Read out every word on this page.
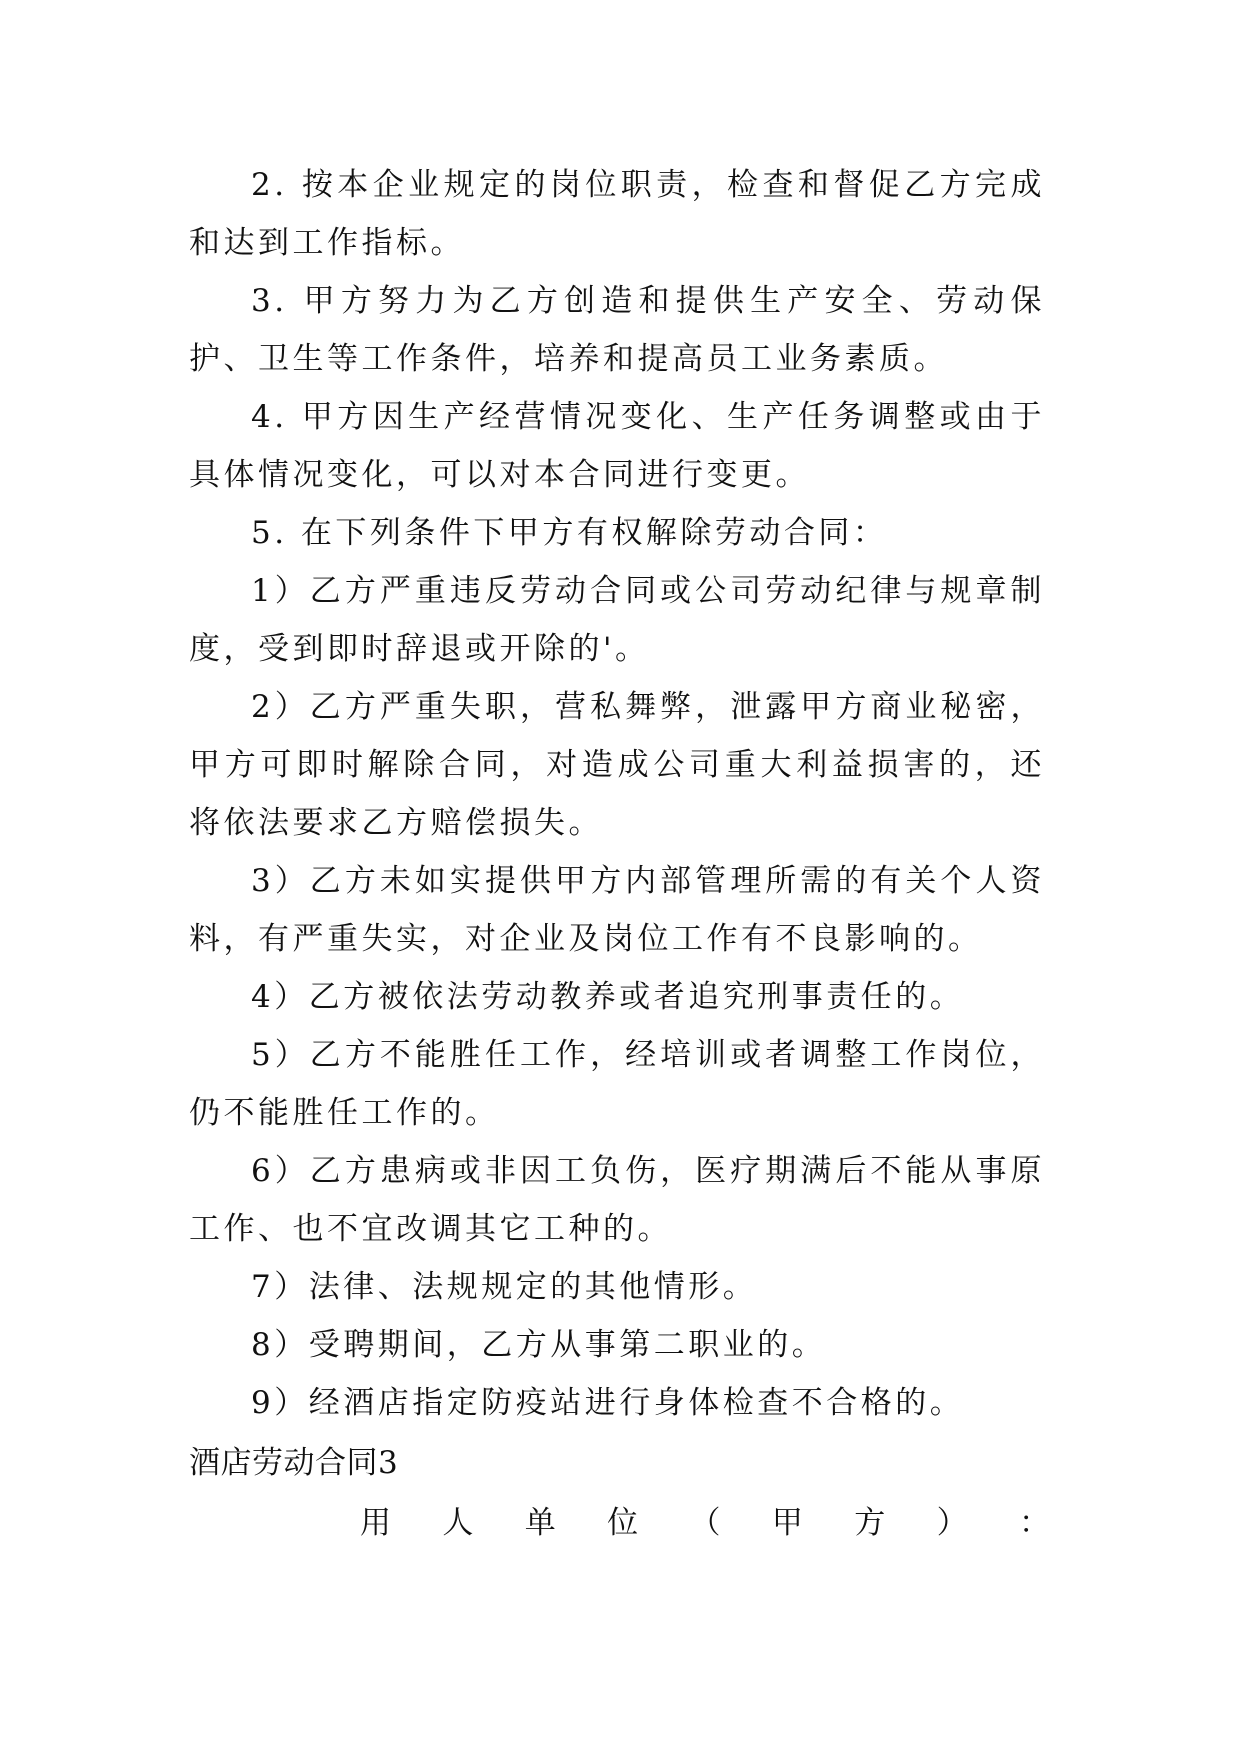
2. 按本企业规定的岗位职责，检查和督促乙方完成和达到工作指标。

3. 甲方努力为乙方创造和提供生产安全、劳动保护、卫生等工作条件，培养和提高员工业务素质。

4. 甲方因生产经营情况变化、生产任务调整或由于具体情况变化，可以对本合同进行变更。

5. 在下列条件下甲方有权解除劳动合同：

1）乙方严重违反劳动合同或公司劳动纪律与规章制度，受到即时辞退或开除的'。

2）乙方严重失职，营私舞弊，泄露甲方商业秘密，甲方可即时解除合同，对造成公司重大利益损害的，还将依法要求乙方赔偿损失。

3）乙方未如实提供甲方内部管理所需的有关个人资料，有严重失实，对企业及岗位工作有不良影响的。

4）乙方被依法劳动教养或者追究刑事责任的。

5）乙方不能胜任工作，经培训或者调整工作岗位，仍不能胜任工作的。

6）乙方患病或非因工负伤，医疗期满后不能从事原工作、也不宜改调其它工种的。

7）法律、法规规定的其他情形。

8）受聘期间，乙方从事第二职业的。

9）经酒店指定防疫站进行身体检查不合格的。

酒店劳动合同3

用 人 单 位 （ 甲 方 ） ：
